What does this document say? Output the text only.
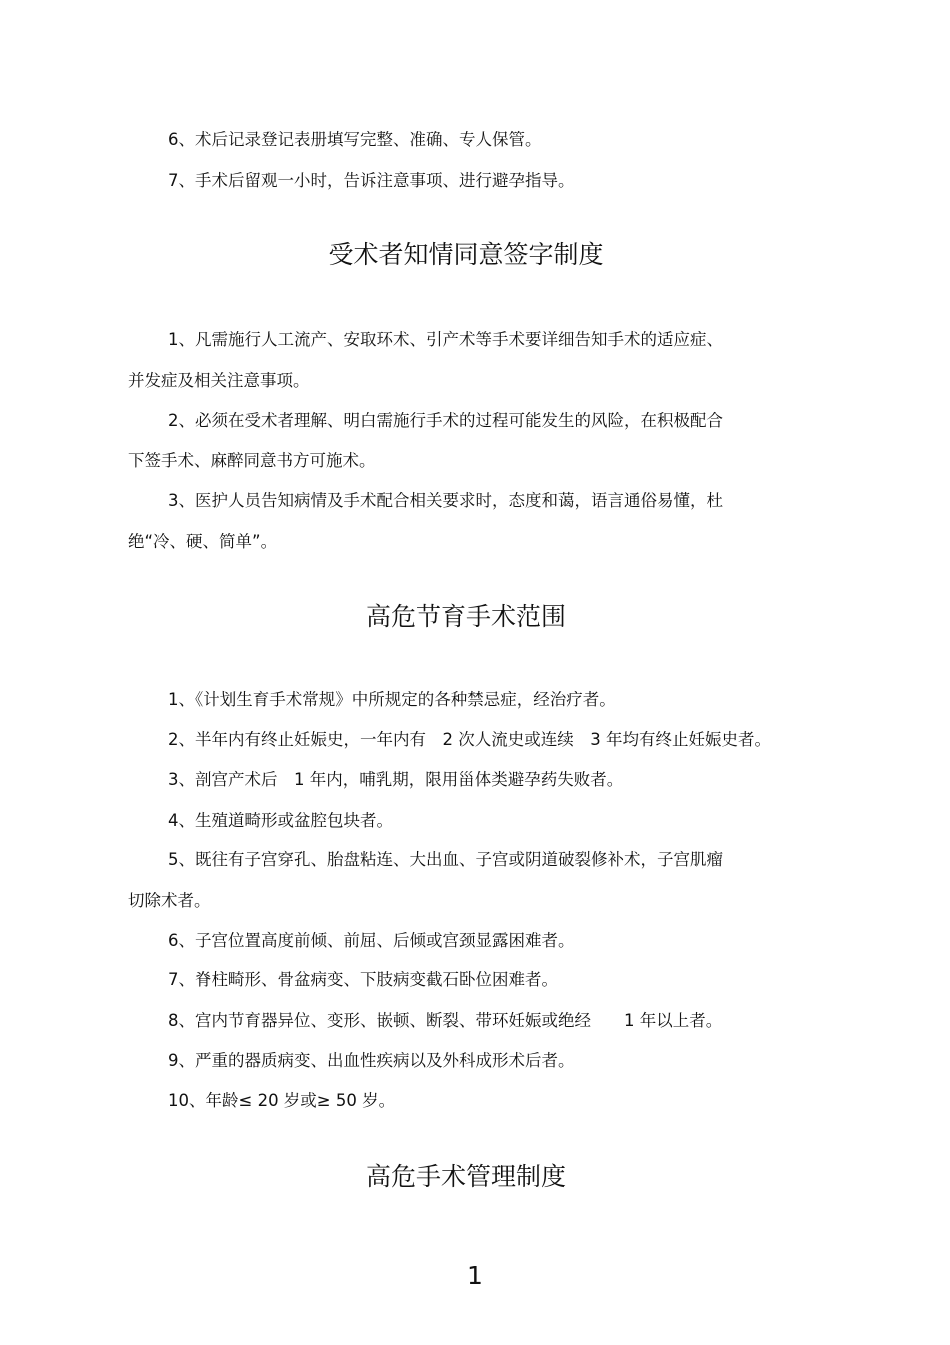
6、术后记录登记表册填写完整、准确、专人保管。

7、手术后留观一小时，告诉注意事项、进行避孕指导。

受术者知情同意签字制度

1、凡需施行人工流产、安取环术、引产术等手术要详细告知手术的适应症、

并发症及相关注意事项。

2、必须在受术者理解、明白需施行手术的过程可能发生的风险，在积极配合

下签手术、麻醉同意书方可施术。

3、医护人员告知病情及手术配合相关要求时，态度和蔼，语言通俗易懂，杜

绝“冷、硬、简单”。

高危节育手术范围

1、《计划生育手术常规》中所规定的各种禁忌症，经治疗者。

2、半年内有终止妊娠史，一年内有　2 次人流史或连续　3 年均有终止妊娠史者。

3、剖宫产术后　1 年内，哺乳期，限用甾体类避孕药失败者。

4、生殖道畸形或盆腔包块者。

5、既往有子宫穿孔、胎盘粘连、大出血、子宫或阴道破裂修补术，子宫肌瘤

切除术者。

6、子宫位置高度前倾、前屈、后倾或宫颈显露困难者。

7、脊柱畸形、骨盆病变、下肢病变截石卧位困难者。

8、宫内节育器异位、变形、嵌顿、断裂、带环妊娠或绝经　　1 年以上者。

9、严重的器质病变、出血性疾病以及外科成形术后者。

10、年龄≤ 20 岁或≥ 50 岁。

高危手术管理制度
1
